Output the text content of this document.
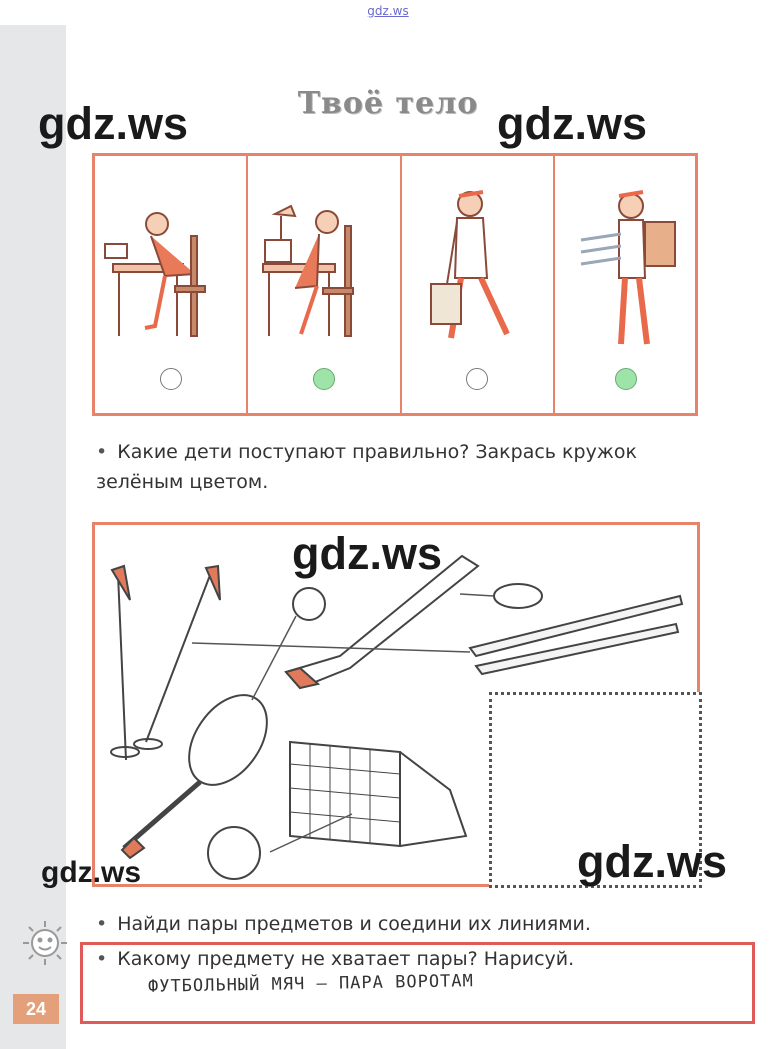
gdz.ws
Твоё тело
• Какие дети поступают правильно? Закрась кружок зелёным цветом.
gdz.ws	gdz.ws
gdz.ws
gdz.ws	gdz.ws
• Найди пары предметов и соедини их линиями.
• Какому предмету не хватает пары? Нарисуй.
ФУТБОЛЬНЫЙ МЯЧ — ПАРА ВОРОТАМ
24
